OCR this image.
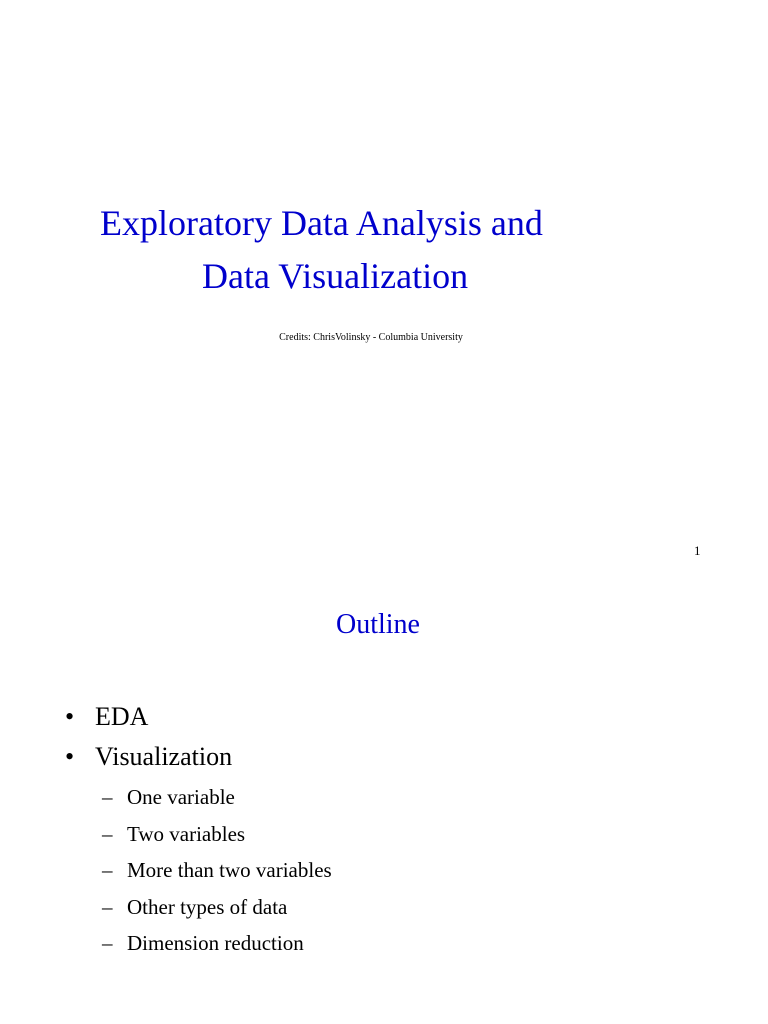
Exploratory Data Analysis and
Data Visualization

Credits: ChrisVolinsky - Columbia University

1
Outline
• EDA
• Visualization
– One variable
– Two variables
– More than two variables
– Other types of data
– Dimension reduction
